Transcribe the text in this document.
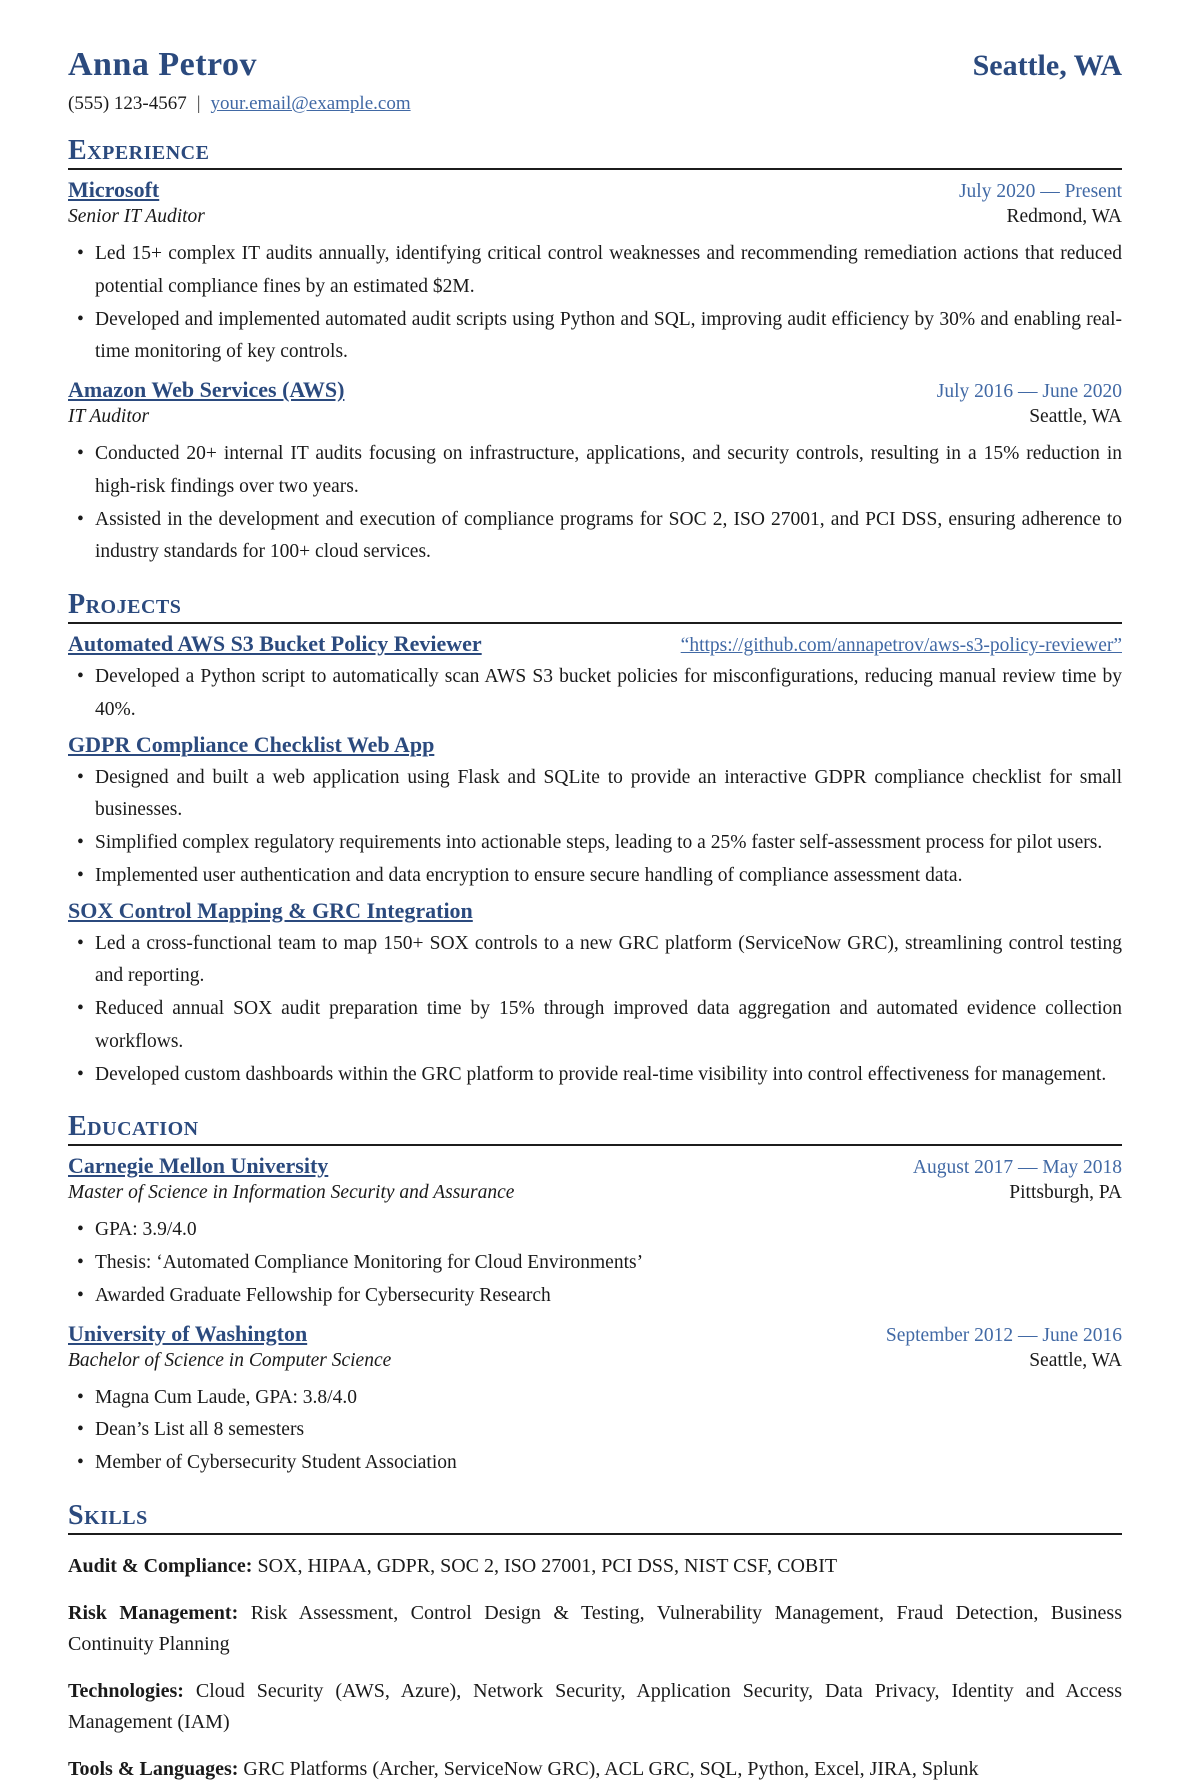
Anna Petrov	Seattle, WA
(555) 123-4567 | your.email@example.com
Experience
Microsoft	July 2020 — Present
Senior IT Auditor	Redmond, WA
• Led 15+ complex IT audits annually, identifying critical control weaknesses and recommending remediation actions that reduced potential compliance fines by an estimated $2M.
• Developed and implemented automated audit scripts using Python and SQL, improving audit efficiency by 30% and enabling real-time monitoring of key controls.
Amazon Web Services (AWS)	July 2016 — June 2020
IT Auditor	Seattle, WA
• Conducted 20+ internal IT audits focusing on infrastructure, applications, and security controls, resulting in a 15% reduction in high-risk findings over two years.
• Assisted in the development and execution of compliance programs for SOC 2, ISO 27001, and PCI DSS, ensuring adherence to industry standards for 100+ cloud services.
Projects
Automated AWS S3 Bucket Policy Reviewer	“https://github.com/annapetrov/aws-s3-policy-reviewer”
• Developed a Python script to automatically scan AWS S3 bucket policies for misconfigurations, reducing manual review time by 40%.
GDPR Compliance Checklist Web App
• Designed and built a web application using Flask and SQLite to provide an interactive GDPR compliance checklist for small businesses.
• Simplified complex regulatory requirements into actionable steps, leading to a 25% faster self-assessment process for pilot users.
• Implemented user authentication and data encryption to ensure secure handling of compliance assessment data.
SOX Control Mapping & GRC Integration
• Led a cross-functional team to map 150+ SOX controls to a new GRC platform (ServiceNow GRC), streamlining control testing and reporting.
• Reduced annual SOX audit preparation time by 15% through improved data aggregation and automated evidence collection workflows.
• Developed custom dashboards within the GRC platform to provide real-time visibility into control effectiveness for management.
Education
Carnegie Mellon University	August 2017 — May 2018
Master of Science in Information Security and Assurance	Pittsburgh, PA
• GPA: 3.9/4.0
• Thesis: ‘Automated Compliance Monitoring for Cloud Environments’
• Awarded Graduate Fellowship for Cybersecurity Research
University of Washington	September 2012 — June 2016
Bachelor of Science in Computer Science	Seattle, WA
• Magna Cum Laude, GPA: 3.8/4.0
• Dean’s List all 8 semesters
• Member of Cybersecurity Student Association
Skills

Audit & Compliance: SOX, HIPAA, GDPR, SOC 2, ISO 27001, PCI DSS, NIST CSF, COBIT

Risk Management: Risk Assessment, Control Design & Testing, Vulnerability Management, Fraud Detection, Business Continuity Planning

Technologies: Cloud Security (AWS, Azure), Network Security, Application Security, Data Privacy, Identity and Access Management (IAM)

Tools & Languages: GRC Platforms (Archer, ServiceNow GRC), ACL GRC, SQL, Python, Excel, JIRA, Splunk
